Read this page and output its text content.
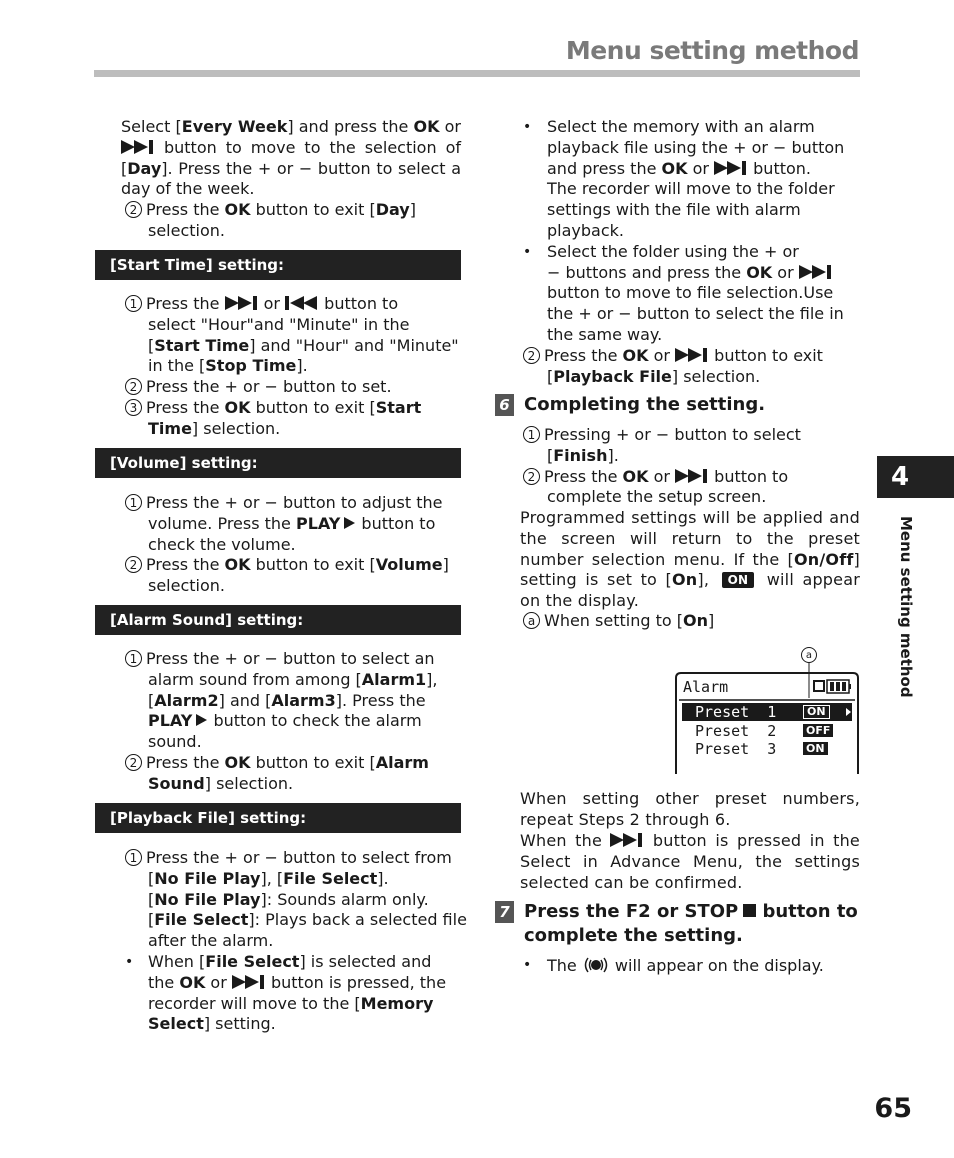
Menu setting method
4
Menu setting method
Select [Every Week] and press the OK or  button to move to the selection of [Day]. Press the + or − button to select a day of the week.
2 Press the OK button to exit [Day]
selection.
[Start Time] setting:
1 Press the  or  button to
select "Hour"and "Minute" in the
[Start Time] and "Hour" and "Minute"
in the [Stop Time].
2 Press the + or − button to set.
3 Press the OK button to exit [Start
Time] selection.
[Volume] setting:
1 Press the + or − button to adjust the
volume. Press the PLAY button to
check the volume.
2 Press the OK button to exit [Volume]
selection.
[Alarm Sound] setting:
1 Press the + or − button to select an
alarm sound from among [Alarm1],
[Alarm2] and [Alarm3]. Press the
PLAY button to check the alarm
sound.
2 Press the OK button to exit [Alarm
Sound] selection.
[Playback File] setting:
1 Press the + or − button to select from
[No File Play], [File Select].
[No File Play]: Sounds alarm only.
[File Select]: Plays back a selected file
after the alarm.
• When [File Select] is selected and
the OK or  button is pressed, the
recorder will move to the [Memory
Select] setting.
• Select the memory with an alarm
playback file using the + or − button
and press the OK or  button.
The recorder will move to the folder
settings with the file with alarm
playback.
• Select the folder using the + or
− buttons and press the OK or
button to move to file selection.Use
the + or − button to select the file in
the same way.
2 Press the OK or  button to exit
[Playback File] selection.
6 Completing the setting.
1 Pressing + or − button to select
[Finish].
2 Press the OK or  button to
complete the setup screen.
Programmed settings will be applied and the screen will return to the preset number selection menu. If the [On/Off] setting is set to [On], ON will appear on the display.
a When setting to [On]
a
Alarm
Preset  1	ON
Preset  2	OFF
Preset  3	ON
When setting other preset numbers, repeat Steps 2 through 6.
When the  button is pressed in the Select in Advance Menu, the settings selected can be confirmed.
7 Press the F2 or STOP button to
complete the setting.
• The  will appear on the display.
65
